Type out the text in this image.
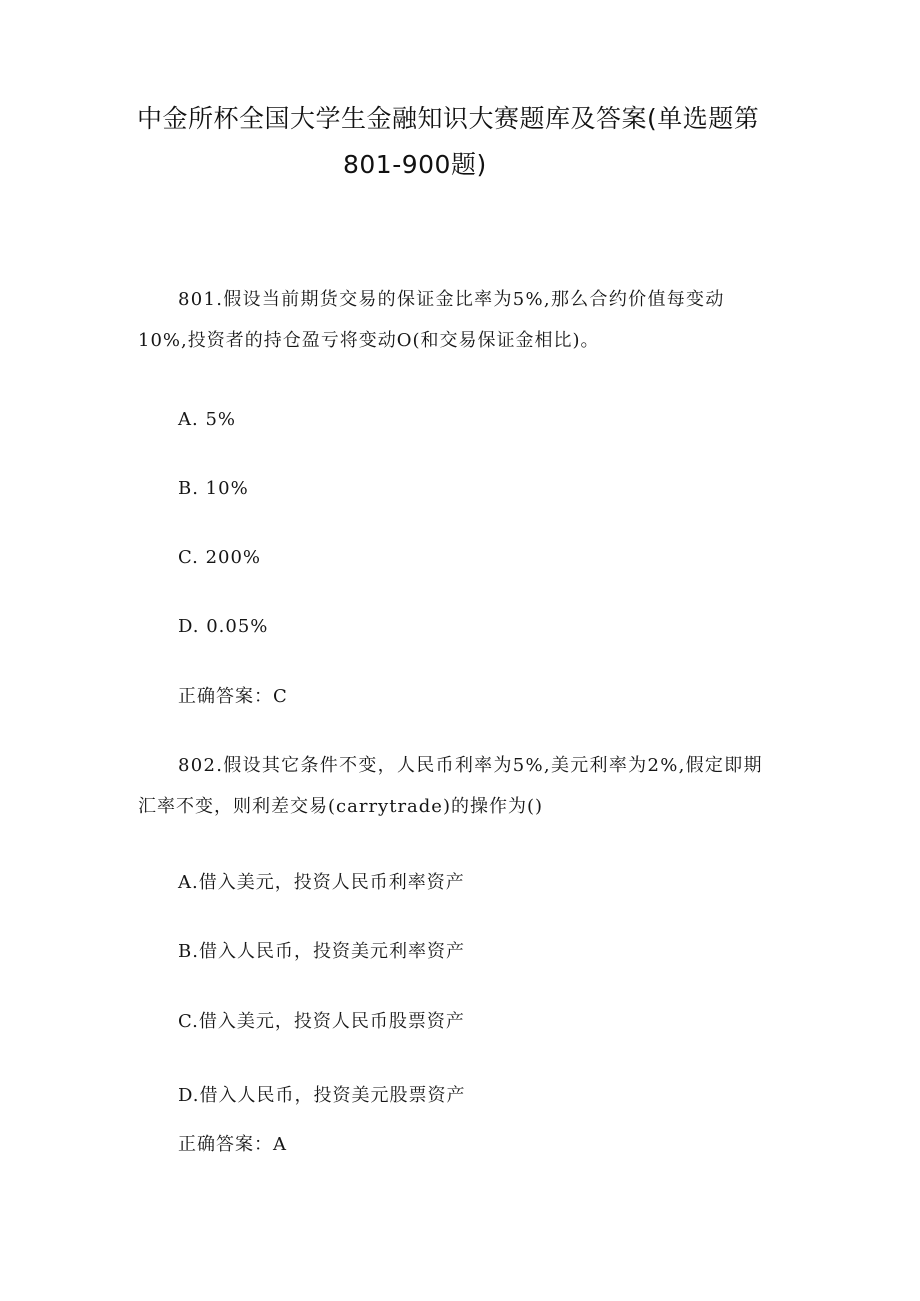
中金所杯全国大学生金融知识大赛题库及答案(单选题第
801-900题)
801.假设当前期货交易的保证金比率为5%,那么合约价值每变动
10%,投资者的持仓盈亏将变动O(和交易保证金相比)。
A. 5%
B. 10%
C. 200%
D. 0.05%
正确答案：C
802.假设其它条件不变，人民币利率为5%,美元利率为2%,假定即期
汇率不变，则利差交易(carrytrade)的操作为()
A.借入美元，投资人民币利率资产
B.借入人民币，投资美元利率资产
C.借入美元，投资人民币股票资产
D.借入人民币，投资美元股票资产
正确答案：A
